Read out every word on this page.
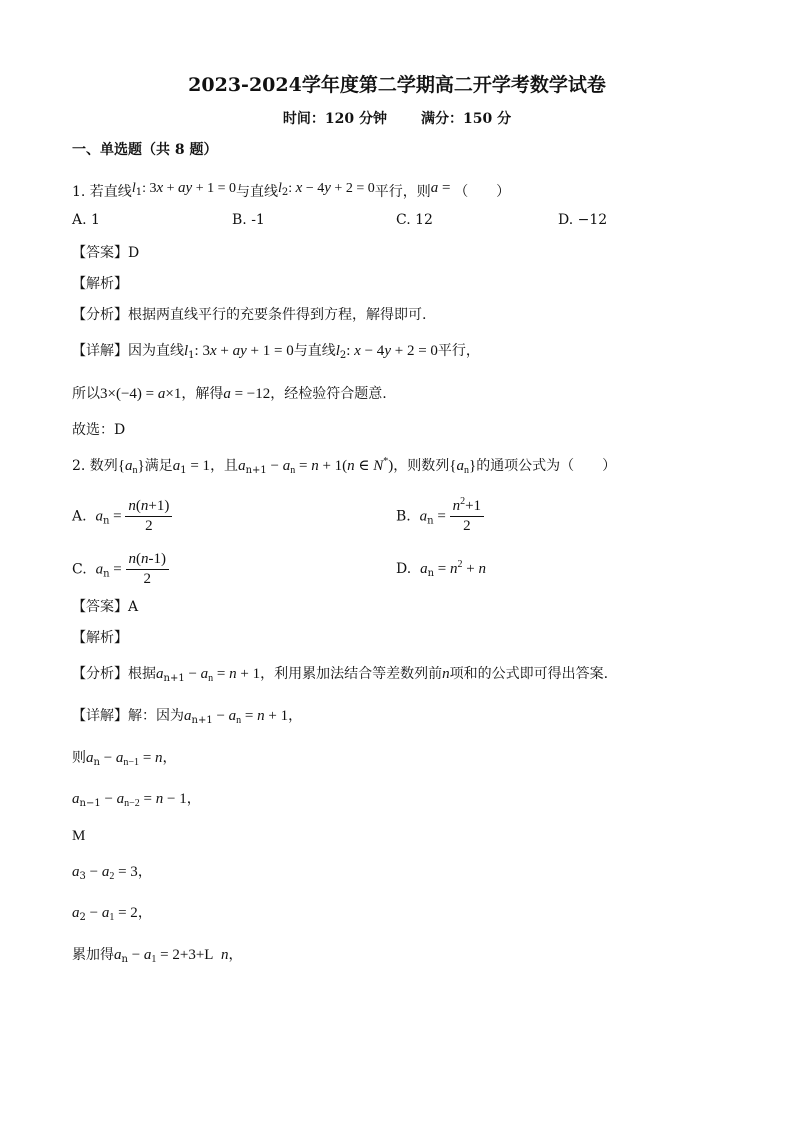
2023-2024学年度第二学期高二开学考数学试卷
时间：120 分钟 满分：150 分
一、单选题（共 8 题）
1. 若直线$l_1$: 3x + ay + 1 = 0与直线$l_2$: x − 4y + 2 = 0平行，则a = （　　）
A. 1	B. -1	C. 12	D. −12
【答案】D
【解析】
【分析】根据两直线平行的充要条件得到方程，解得即可.
【详解】因为直线$l_1$: 3x + ay + 1 = 0与直线$l_2$: x − 4y + 2 = 0平行，
所以3×(−4) = a×1，解得a = −12，经检验符合题意.
故选：D
2. 数列$\{a_n\}$满足$a_1 = 1$，且$a_{n+1} - a_n = n + 1(n$ ∈ N*)，则数列$\{a_n\}$的通项公式为（　　）
A. $a_n = \frac{n(n+1)}{2}$	B. $a_n = \frac{n^2+1}{2}$
C. $a_n = \frac{n(n-1)}{2}$	D. $a_n = n^2 + n$
【答案】A
【解析】
【分析】根据$a_{n+1} - a_n = n + 1$，利用累加法结合等差数列前n项和的公式即可得出答案.
【详解】解：因为$a_{n+1} - a_n = n + 1$，
则$a_n - a_{n-1} = n$，
$a_{n-1} - a_{n-2} = n - 1$，
M
$a_3 - a_2 = 3$，
$a_2 - a_1 = 2$，
累加得$a_n - a_1 = 2+3+L$  n，
